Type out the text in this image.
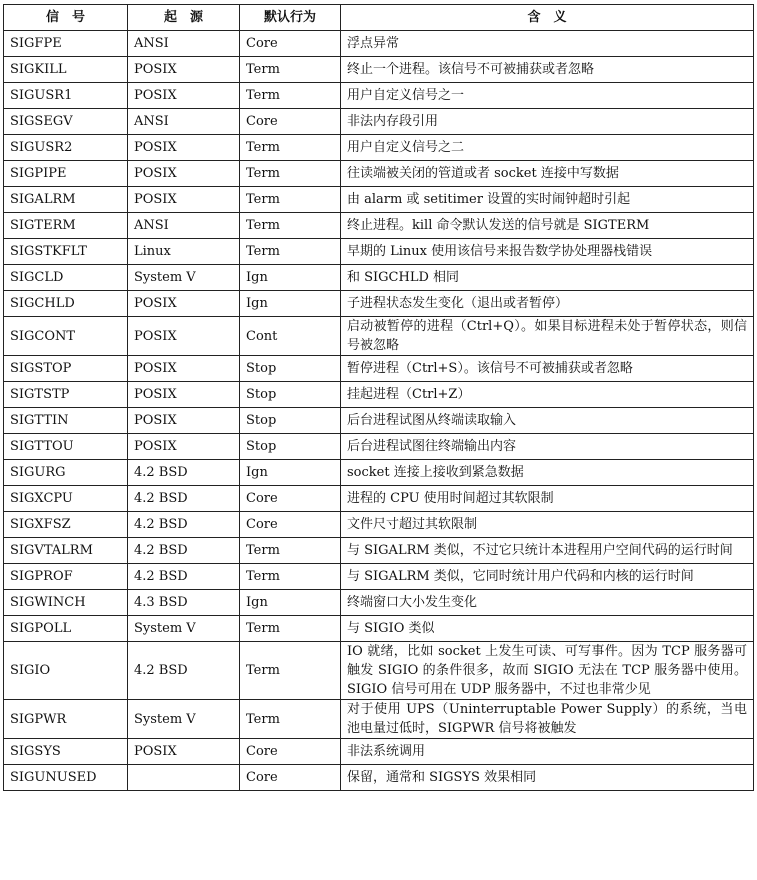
信　号	起　源	默认行为	含　义
SIGFPE	ANSI	Core	浮点异常
SIGKILL	POSIX	Term	终止一个进程。该信号不可被捕获或者忽略
SIGUSR1	POSIX	Term	用户自定义信号之一
SIGSEGV	ANSI	Core	非法内存段引用
SIGUSR2	POSIX	Term	用户自定义信号之二
SIGPIPE	POSIX	Term	往读端被关闭的管道或者 socket 连接中写数据
SIGALRM	POSIX	Term	由 alarm 或 setitimer 设置的实时闹钟超时引起
SIGTERM	ANSI	Term	终止进程。kill 命令默认发送的信号就是 SIGTERM
SIGSTKFLT	Linux	Term	早期的 Linux 使用该信号来报告数学协处理器栈错误
SIGCLD	System V	Ign	和 SIGCHLD 相同
SIGCHLD	POSIX	Ign	子进程状态发生变化（退出或者暂停）
SIGCONT	POSIX	Cont	启动被暂停的进程（Ctrl+Q）。如果目标进程未处于暂停状态，则信号被忽略
SIGSTOP	POSIX	Stop	暂停进程（Ctrl+S）。该信号不可被捕获或者忽略
SIGTSTP	POSIX	Stop	挂起进程（Ctrl+Z）
SIGTTIN	POSIX	Stop	后台进程试图从终端读取输入
SIGTTOU	POSIX	Stop	后台进程试图往终端输出内容
SIGURG	4.2 BSD	Ign	socket 连接上接收到紧急数据
SIGXCPU	4.2 BSD	Core	进程的 CPU 使用时间超过其软限制
SIGXFSZ	4.2 BSD	Core	文件尺寸超过其软限制
SIGVTALRM	4.2 BSD	Term	与 SIGALRM 类似，不过它只统计本进程用户空间代码的运行时间
SIGPROF	4.2 BSD	Term	与 SIGALRM 类似，它同时统计用户代码和内核的运行时间
SIGWINCH	4.3 BSD	Ign	终端窗口大小发生变化
SIGPOLL	System V	Term	与 SIGIO 类似
SIGIO	4.2 BSD	Term	IO 就绪，比如 socket 上发生可读、可写事件。因为 TCP 服务器可触发 SIGIO 的条件很多，故而 SIGIO 无法在 TCP 服务器中使用。SIGIO 信号可用在 UDP 服务器中，不过也非常少见
SIGPWR	System V	Term	对于使用 UPS（Uninterruptable Power Supply）的系统，当电池电量过低时，SIGPWR 信号将被触发
SIGSYS	POSIX	Core	非法系统调用
SIGUNUSED		Core	保留，通常和 SIGSYS 效果相同
